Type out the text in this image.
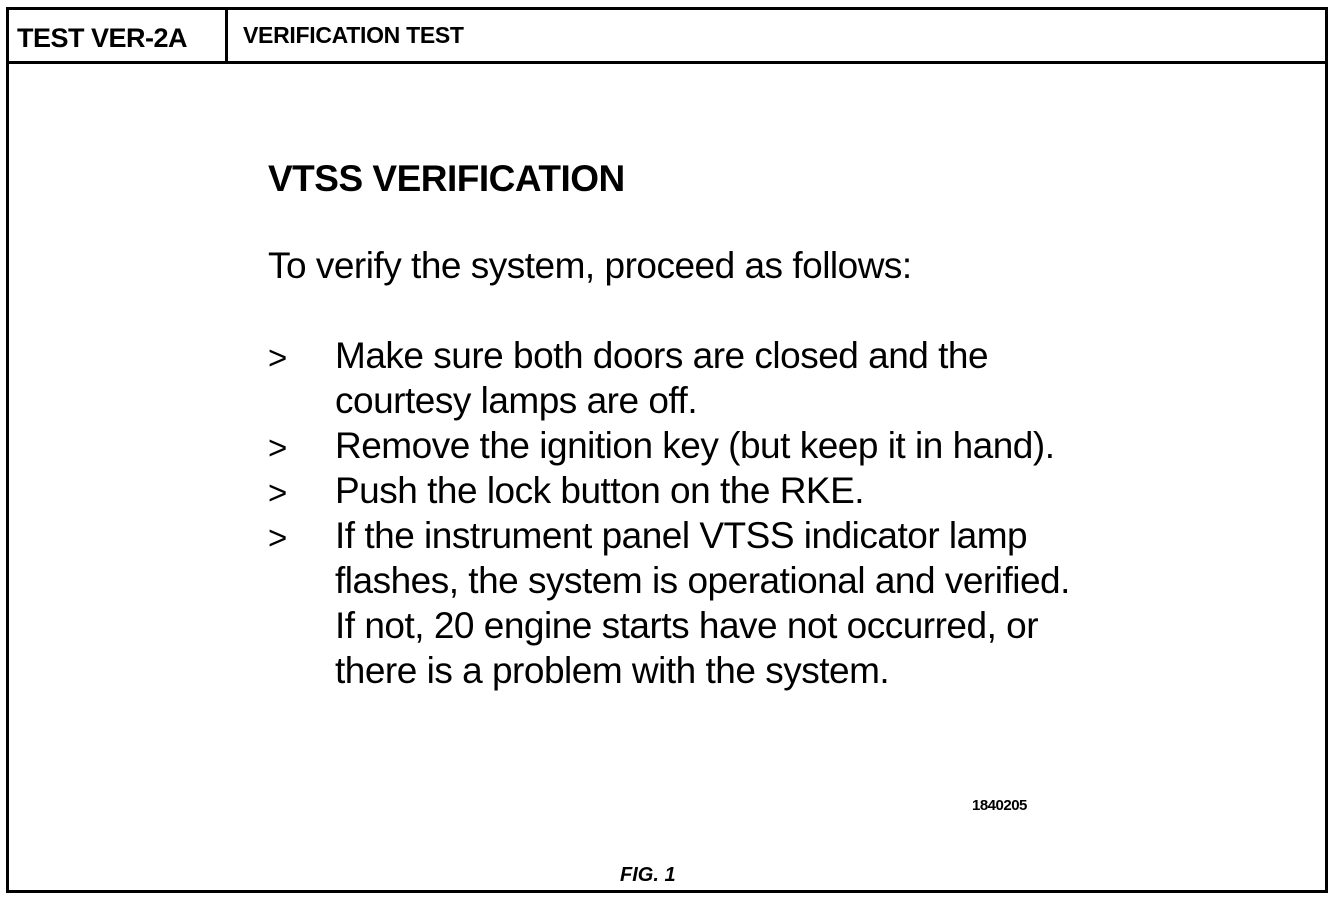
TEST VER-2A	VERIFICATION TEST
VTSS VERIFICATION
To verify the system, proceed as follows:
> Make sure both doors are closed and the courtesy lamps are off.
> Remove the ignition key (but keep it in hand).
> Push the lock button on the RKE.
> If the instrument panel VTSS indicator lamp flashes, the system is operational and verified. If not, 20 engine starts have not occurred, or there is a problem with the system.
1840205
FIG. 1
